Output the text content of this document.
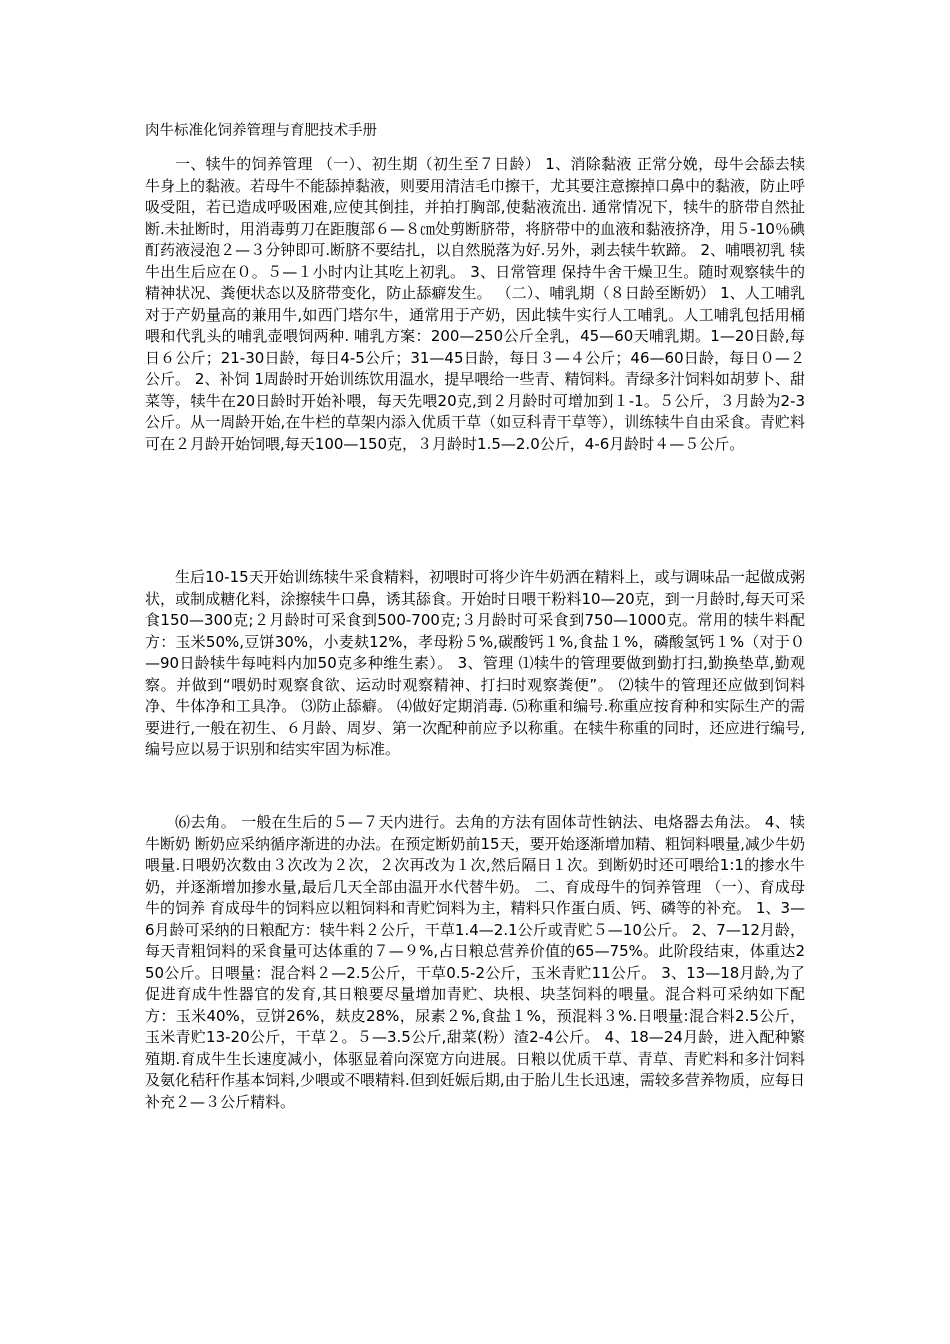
肉牛标准化饲养管理与育肥技术手册

一、犊牛的饲养管理 （一）、初生期（初生至７日龄） 1、消除黏液 正常分娩，母牛会舔去犊牛身上的黏液。若母牛不能舔掉黏液，则要用清洁毛巾擦干，尤其要注意擦掉口鼻中的黏液，防止呼吸受阻，若已造成呼吸困难,应使其倒挂，并拍打胸部,使黏液流出. 通常情况下，犊牛的脐带自然扯断.未扯断时，用消毒剪刀在距腹部６—８㎝处剪断脐带，将脐带中的血液和黏液挤净，用５-10％碘酊药液浸泡２—３分钟即可.断脐不要结扎，以自然脱落为好.另外，剥去犊牛软蹄。 2、哺喂初乳 犊牛出生后应在０。５—１小时内让其吃上初乳。 3、日常管理 保持牛舍干燥卫生。随时观察犊牛的精神状况、粪便状态以及脐带变化，防止舔癖发生。 （二）、哺乳期（８日龄至断奶） 1、人工哺乳 对于产奶量高的兼用牛,如西门塔尔牛，通常用于产奶，因此犊牛实行人工哺乳。人工哺乳包括用桶喂和代乳头的哺乳壶喂饲两种. 哺乳方案：200—250公斤全乳，45—60天哺乳期。1—20日龄,每日６公斤；21-30日龄，每日4-5公斤；31—45日龄，每日３—４公斤；46—60日龄，每日０—２公斤。 2、补饲 1周龄时开始训练饮用温水，提早喂给一些青、精饲料。青绿多汁饲料如胡萝卜、甜菜等，犊牛在20日龄时开始补喂，每天先喂20克,到２月龄时可增加到１-1。５公斤，３月龄为2-3公斤。从一周龄开始,在牛栏的草架内添入优质干草（如豆科青干草等），训练犊牛自由采食。青贮料可在２月龄开始饲喂,每天100—150克，３月龄时1.5—2.0公斤，4-6月龄时４—５公斤。

生后10-15天开始训练犊牛采食精料，初喂时可将少许牛奶洒在精料上，或与调味品一起做成粥状，或制成糖化料，涂擦犊牛口鼻，诱其舔食。开始时日喂干粉料10—20克，到一月龄时,每天可采食150—300克;２月龄时可采食到500-700克;３月龄时可采食到750—1000克。常用的犊牛料配方：玉米50%,豆饼30%，小麦麸12%，孝母粉５%,碳酸钙１%,食盐１%，磷酸氢钙１%（对于０—90日龄犊牛每吨料内加50克多种维生素）。 3、管理 ⑴犊牛的管理要做到勤打扫,勤换垫草,勤观察。并做到“喂奶时观察食欲、运动时观察精神、打扫时观察粪便”。 ⑵犊牛的管理还应做到饲料净、牛体净和工具净。 ⑶防止舔癖。 ⑷做好定期消毒. ⑸称重和编号.称重应按育种和实际生产的需要进行,一般在初生、６月龄、周岁、第一次配种前应予以称重。在犊牛称重的同时，还应进行编号,编号应以易于识别和结实牢固为标准。

⑹去角。 一般在生后的５—７天内进行。去角的方法有固体苛性钠法、电烙器去角法。 4、犊牛断奶 断奶应采纳循序渐进的办法。在预定断奶前15天，要开始逐渐增加精、粗饲料喂量,减少牛奶喂量.日喂奶次数由３次改为２次，２次再改为１次,然后隔日１次。到断奶时还可喂给1:1的掺水牛奶，并逐渐增加掺水量,最后几天全部由温开水代替牛奶。 二、育成母牛的饲养管理 （一）、育成母牛的饲养 育成母牛的饲料应以粗饲料和青贮饲料为主，精料只作蛋白质、钙、磷等的补充。 1、3—6月龄可采纳的日粮配方：犊牛料２公斤，干草1.4—2.1公斤或青贮５—10公斤。 2、7—12月龄，每天青粗饲料的采食量可达体重的７—９%,占日粮总营养价值的65—75%。此阶段结束，体重达250公斤。日喂量：混合料２—2.5公斤，干草0.5-2公斤，玉米青贮11公斤。 3、13—18月龄,为了促进育成牛性器官的发育,其日粮要尽量增加青贮、块根、块茎饲料的喂量。混合料可采纳如下配方：玉米40%，豆饼26%，麸皮28%，尿素２%,食盐１%，预混料３%.日喂量:混合料2.5公斤，玉米青贮13-20公斤，干草２。５—3.5公斤,甜菜(粉）渣2-4公斤。 4、18—24月龄，进入配种繁殖期.育成牛生长速度减小，体驱显着向深宽方向进展。日粮以优质干草、青草、青贮料和多汁饲料及氨化秸秆作基本饲料,少喂或不喂精料.但到妊娠后期,由于胎儿生长迅速，需较多营养物质，应每日补充２—３公斤精料。
